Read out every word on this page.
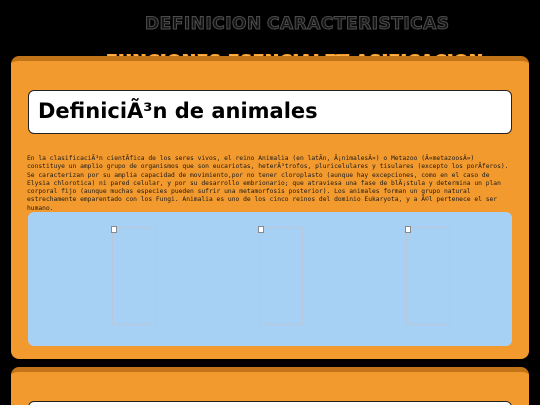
DEFINICION CARACTERISTICAS
DefiniciÃ³n de animales

En la clasificaciÃ³n cientÃfica de los seres vivos, el reino Animalia (en latÃn, Ã¡nimalesÂ») o Metazoo (Â«metazoosÂ») constituye un amplio grupo de organismos que son eucariotas, heterÃ³trofos, pluricelulares y tisulares (excepto los porÃferos). Se caracterizan por su amplia capacidad de movimiento,por no tener cloroplasto (aunque hay excepciones, como en el caso de Elysia chlorotica) ni pared celular, y por su desarrollo embrionario; que atraviesa una fase de blÃ¡stula y determina un plan corporal fijo (aunque muchas especies pueden sufrir una metamorfosis posterior). Los animales forman un grupo natural estrechamente emparentado con los Fungi. Animalia es uno de los cinco reinos del dominio Eukaryota, y a Ã©l pertenece el ser humano.
